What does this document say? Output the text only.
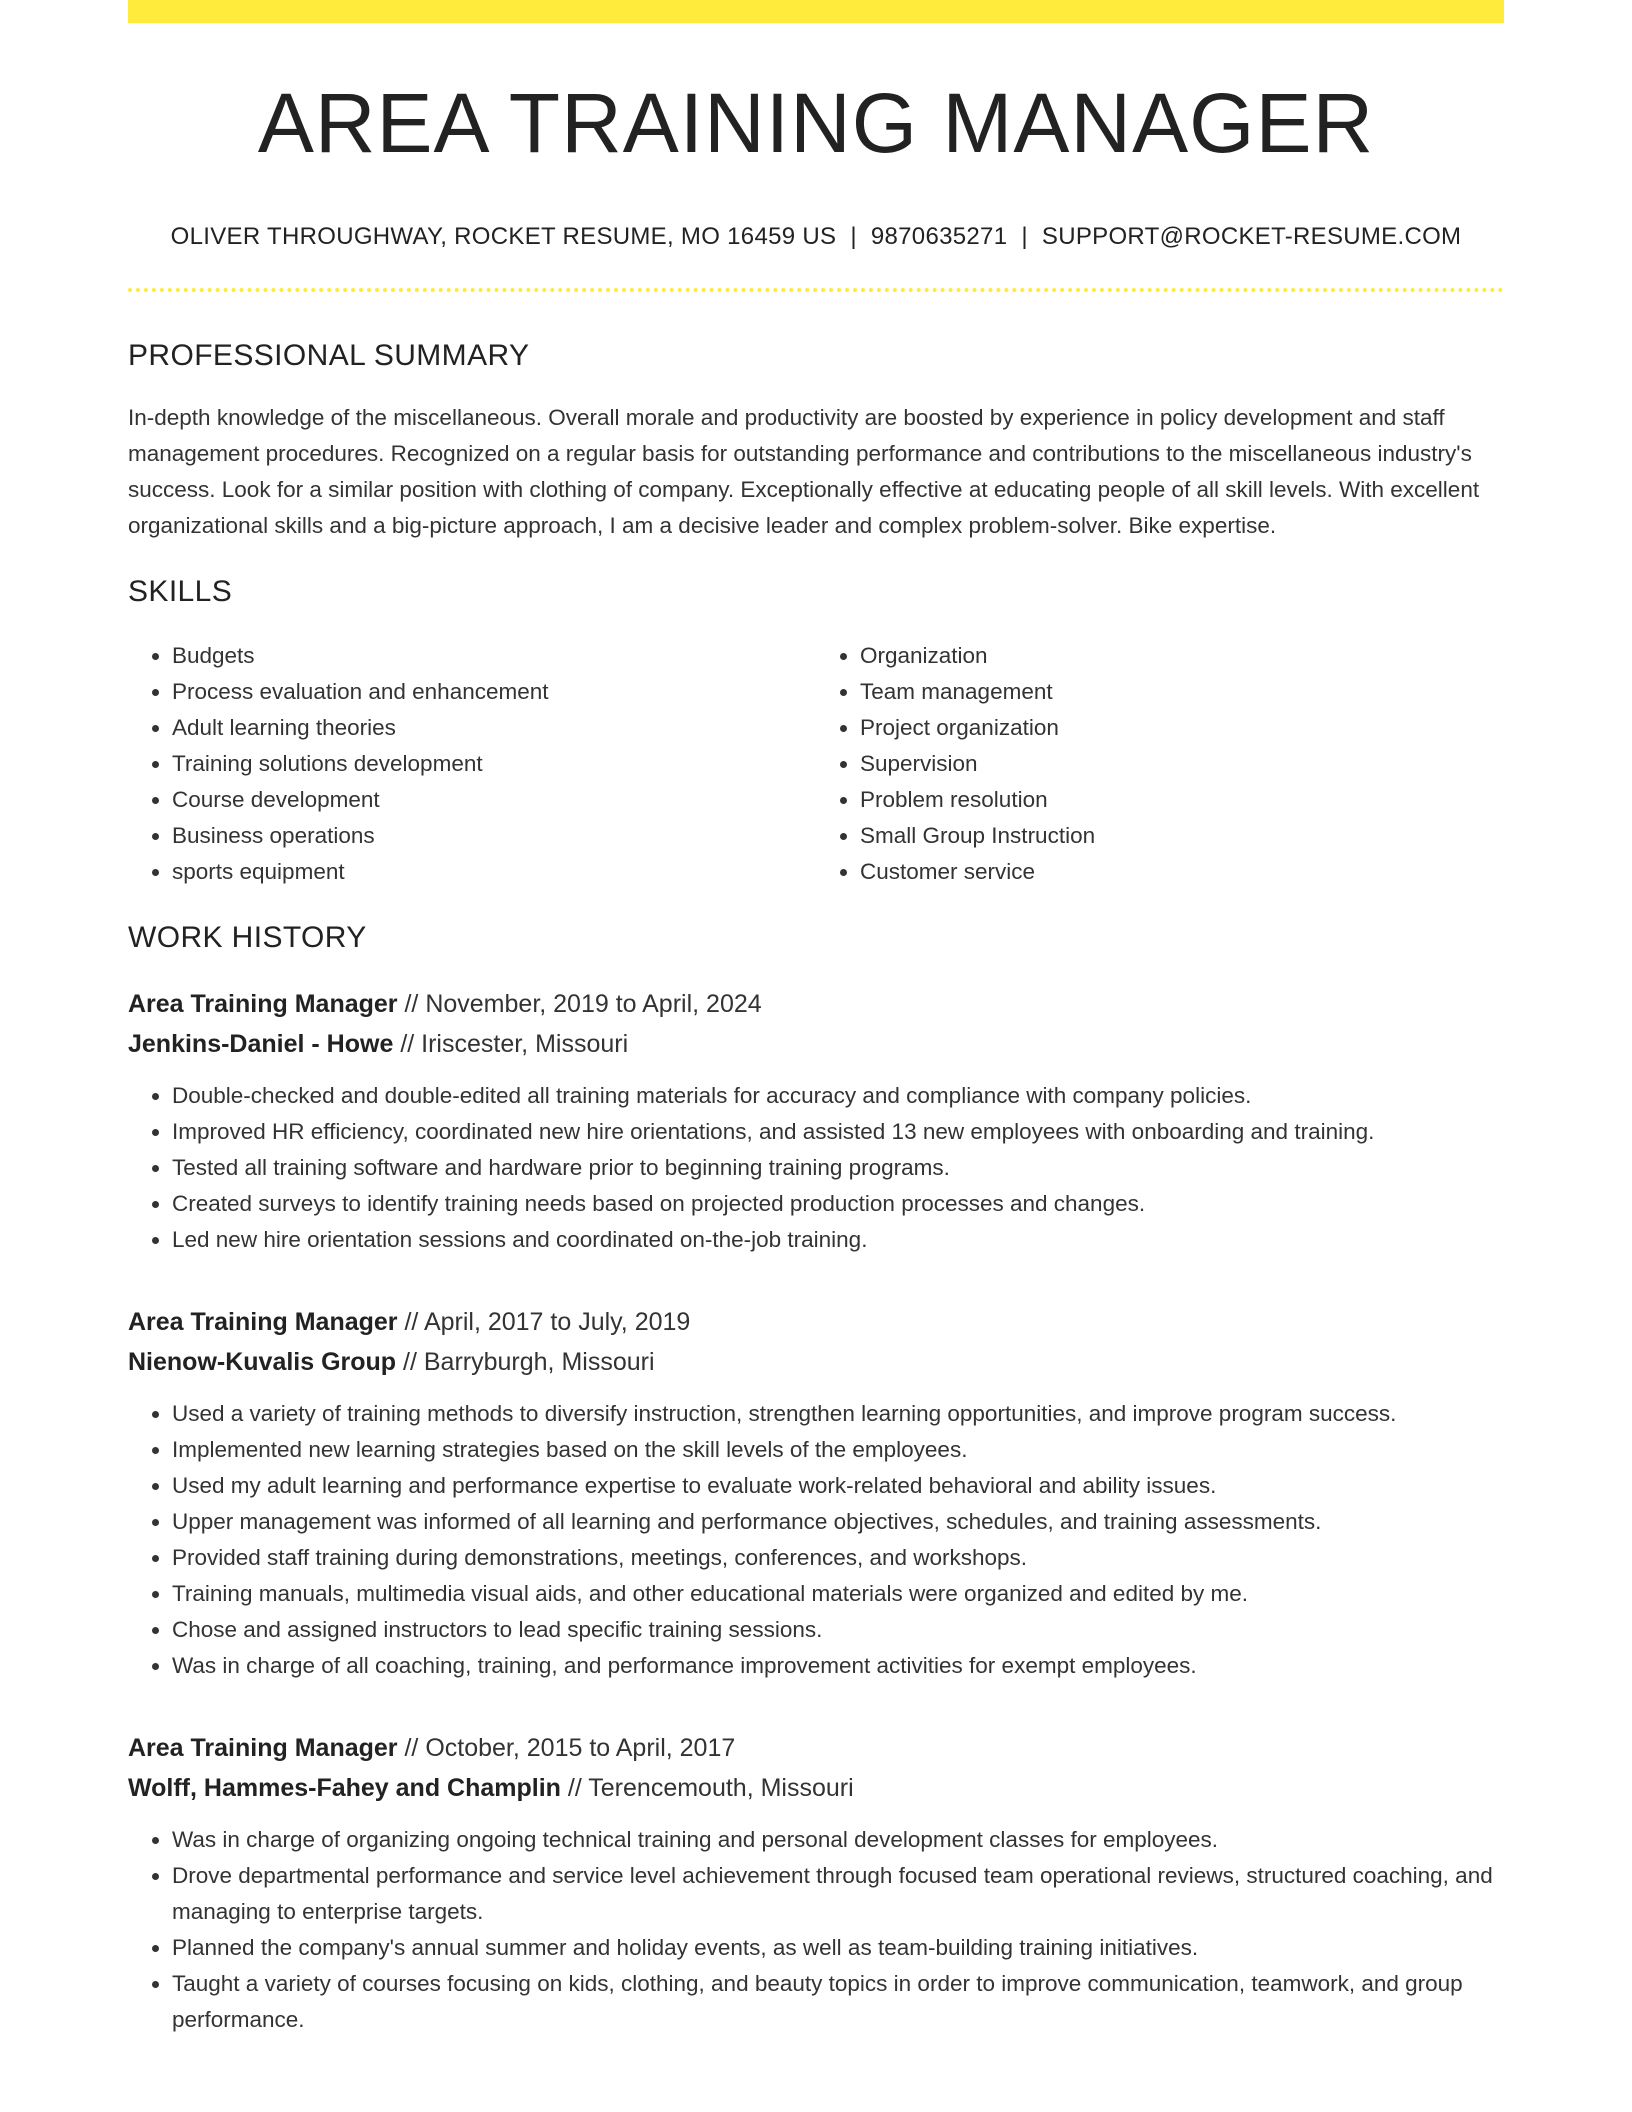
AREA TRAINING MANAGER
OLIVER THROUGHWAY, ROCKET RESUME, MO 16459 US | 9870635271 | SUPPORT@ROCKET-RESUME.COM
PROFESSIONAL SUMMARY

In-depth knowledge of the miscellaneous. Overall morale and productivity are boosted by experience in policy development and staff management procedures. Recognized on a regular basis for outstanding performance and contributions to the miscellaneous industry's success. Look for a similar position with clothing of company. Exceptionally effective at educating people of all skill levels. With excellent organizational skills and a big-picture approach, I am a decisive leader and complex problem-solver. Bike expertise.

SKILLS
• Budgets
• Process evaluation and enhancement
• Adult learning theories
• Training solutions development
• Course development
• Business operations
• sports equipment
• Organization
• Team management
• Project organization
• Supervision
• Problem resolution
• Small Group Instruction
• Customer service
WORK HISTORY
Area Training Manager // November, 2019 to April, 2024
Jenkins-Daniel - Howe // Iriscester, Missouri
• Double-checked and double-edited all training materials for accuracy and compliance with company policies.
• Improved HR efficiency, coordinated new hire orientations, and assisted 13 new employees with onboarding and training.
• Tested all training software and hardware prior to beginning training programs.
• Created surveys to identify training needs based on projected production processes and changes.
• Led new hire orientation sessions and coordinated on-the-job training.
Area Training Manager // April, 2017 to July, 2019
Nienow-Kuvalis Group // Barryburgh, Missouri
• Used a variety of training methods to diversify instruction, strengthen learning opportunities, and improve program success.
• Implemented new learning strategies based on the skill levels of the employees.
• Used my adult learning and performance expertise to evaluate work-related behavioral and ability issues.
• Upper management was informed of all learning and performance objectives, schedules, and training assessments.
• Provided staff training during demonstrations, meetings, conferences, and workshops.
• Training manuals, multimedia visual aids, and other educational materials were organized and edited by me.
• Chose and assigned instructors to lead specific training sessions.
• Was in charge of all coaching, training, and performance improvement activities for exempt employees.
Area Training Manager // October, 2015 to April, 2017
Wolff, Hammes-Fahey and Champlin // Terencemouth, Missouri
• Was in charge of organizing ongoing technical training and personal development classes for employees.
• Drove departmental performance and service level achievement through focused team operational reviews, structured coaching, and managing to enterprise targets.
• Planned the company's annual summer and holiday events, as well as team-building training initiatives.
• Taught a variety of courses focusing on kids, clothing, and beauty topics in order to improve communication, teamwork, and group performance.
